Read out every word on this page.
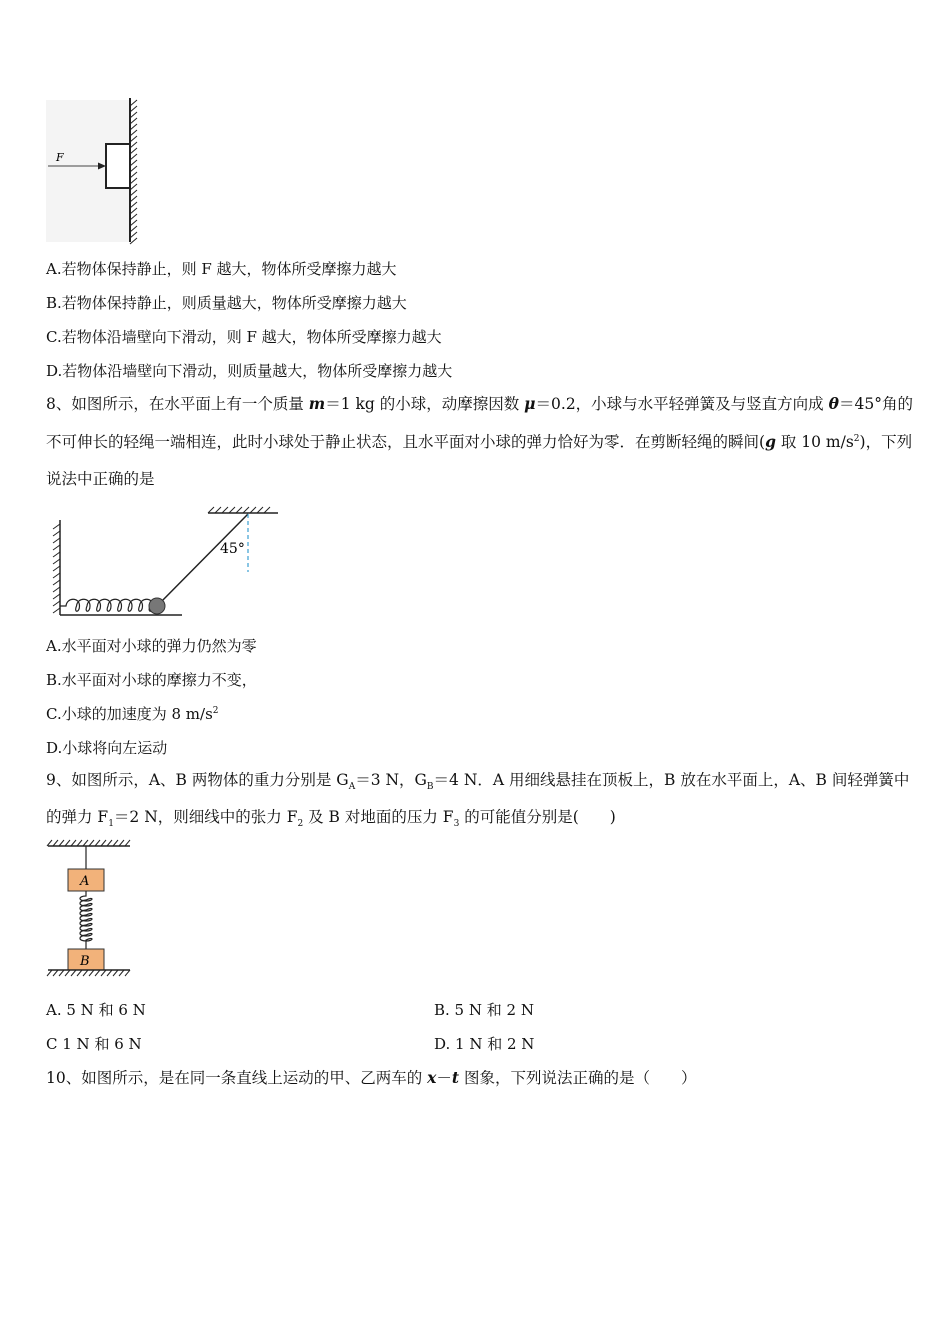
F
A.若物体保持静止，则 F 越大，物体所受摩擦力越大
B.若物体保持静止，则质量越大，物体所受摩擦力越大
C.若物体沿墙壁向下滑动，则 F 越大，物体所受摩擦力越大
D.若物体沿墙壁向下滑动，则质量越大，物体所受摩擦力越大
8、如图所示，在水平面上有一个质量 m＝1 kg 的小球，动摩擦因数 μ＝0.2，小球与水平轻弹簧及与竖直方向成 θ＝45°角的不可伸长的轻绳一端相连，此时小球处于静止状态，且水平面对小球的弹力恰好为零．在剪断轻绳的瞬间(g 取 10 $m/s^2$)，下列说法中正确的是
45°
A.水平面对小球的弹力仍然为零
B.水平面对小球的摩擦力不变，
C.小球的加速度为 8 $m/s^2$
D.小球将向左运动
9、如图所示，A、B 两物体的重力分别是 $G_A=3$ N，$G_B=4$ N．A 用细线悬挂在顶板上，B 放在水平面上，A、B 间轻弹簧中的弹力 $F_1=2$ N，则细线中的张力 $F_2$ 及 B 对地面的压力 $F_3$ 的可能值分别是(　　)
A
B
A. 5 N 和 6 N	B. 5 N 和 2 N
C 1 N 和 6 N	D. 1 N 和 2 N
10、如图所示，是在同一条直线上运动的甲、乙两车的 x－t 图象，下列说法正确的是（　　）
